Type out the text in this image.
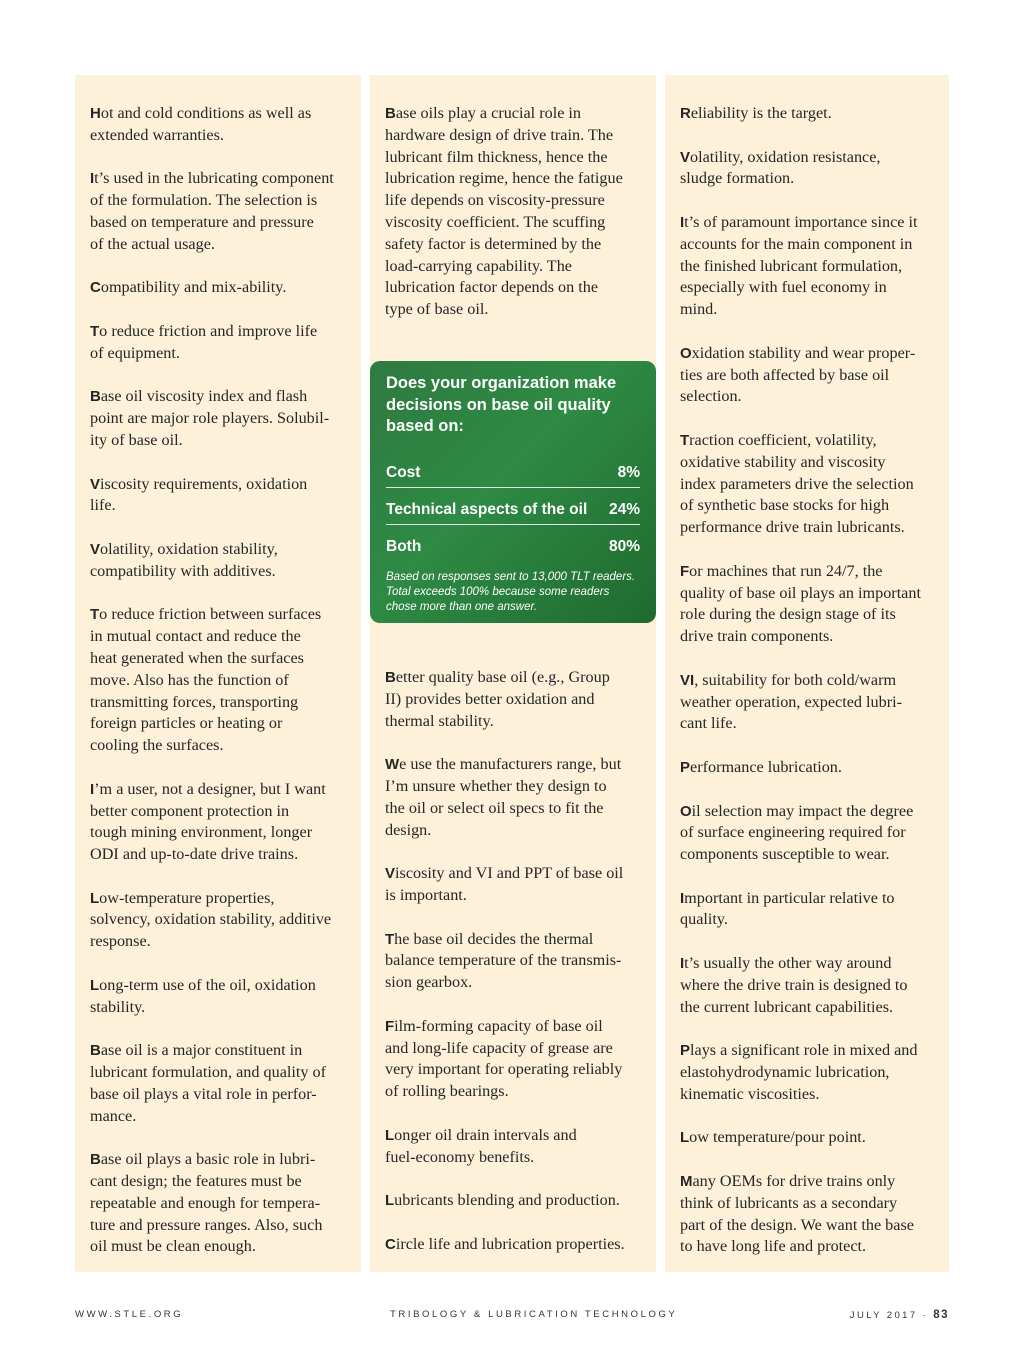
Hot and cold conditions as well as
extended warranties.

It’s used in the lubricating component
of the formulation. The selection is
based on temperature and pressure
of the actual usage.

Compatibility and mix-ability.

To reduce friction and improve life
of equipment.

Base oil viscosity index and flash
point are major role players. Solubil-
ity of base oil.

Viscosity requirements, oxidation
life.

Volatility, oxidation stability,
compatibility with additives.

To reduce friction between surfaces
in mutual contact and reduce the
heat generated when the surfaces
move. Also has the function of
transmitting forces, transporting
foreign particles or heating or
cooling the surfaces.

I’m a user, not a designer, but I want
better component protection in
tough mining environment, longer
ODI and up-to-date drive trains.

Low-temperature properties,
solvency, oxidation stability, additive
response.

Long-term use of the oil, oxidation
stability.

Base oil is a major constituent in
lubricant formulation, and quality of
base oil plays a vital role in perfor-
mance.

Base oil plays a basic role in lubri-
cant design; the features must be
repeatable and enough for tempera-
ture and pressure ranges. Also, such
oil must be clean enough.

Base oils play a crucial role in
hardware design of drive train. The
lubricant film thickness, hence the
lubrication regime, hence the fatigue
life depends on viscosity-pressure
viscosity coefficient. The scuffing
safety factor is determined by the
load-carrying capability. The
lubrication factor depends on the
type of base oil.

Does your organization make decisions on base oil quality based on:
Cost	8%
Technical aspects of the oil 24%
Both	80%
Based on responses sent to 13,000 TLT readers. Total exceeds 100% because some readers chose more than one answer.

Better quality base oil (e.g., Group
II) provides better oxidation and
thermal stability.

We use the manufacturers range, but
I’m unsure whether they design to
the oil or select oil specs to fit the
design.

Viscosity and VI and PPT of base oil
is important.

The base oil decides the thermal
balance temperature of the transmis-
sion gearbox.

Film-forming capacity of base oil
and long-life capacity of grease are
very important for operating reliably
of rolling bearings.

Longer oil drain intervals and
fuel-economy benefits.

Lubricants blending and production.

Circle life and lubrication properties.

Reliability is the target.

Volatility, oxidation resistance,
sludge formation.

It’s of paramount importance since it
accounts for the main component in
the finished lubricant formulation,
especially with fuel economy in
mind.

Oxidation stability and wear proper-
ties are both affected by base oil
selection.

Traction coefficient, volatility,
oxidative stability and viscosity
index parameters drive the selection
of synthetic base stocks for high
performance drive train lubricants.

For machines that run 24/7, the
quality of base oil plays an important
role during the design stage of its
drive train components.

VI, suitability for both cold/warm
weather operation, expected lubri-
cant life.

Performance lubrication.

Oil selection may impact the degree
of surface engineering required for
components susceptible to wear.

Important in particular relative to
quality.

It’s usually the other way around
where the drive train is designed to
the current lubricant capabilities.

Plays a significant role in mixed and
elastohydrodynamic lubrication,
kinematic viscosities.

Low temperature/pour point.

Many OEMs for drive trains only
think of lubricants as a secondary
part of the design. We want the base
to have long life and protect.

WWW.STLE.ORG	TRIBOLOGY & LUBRICATION TECHNOLOGY	JULY 2017 · 83
